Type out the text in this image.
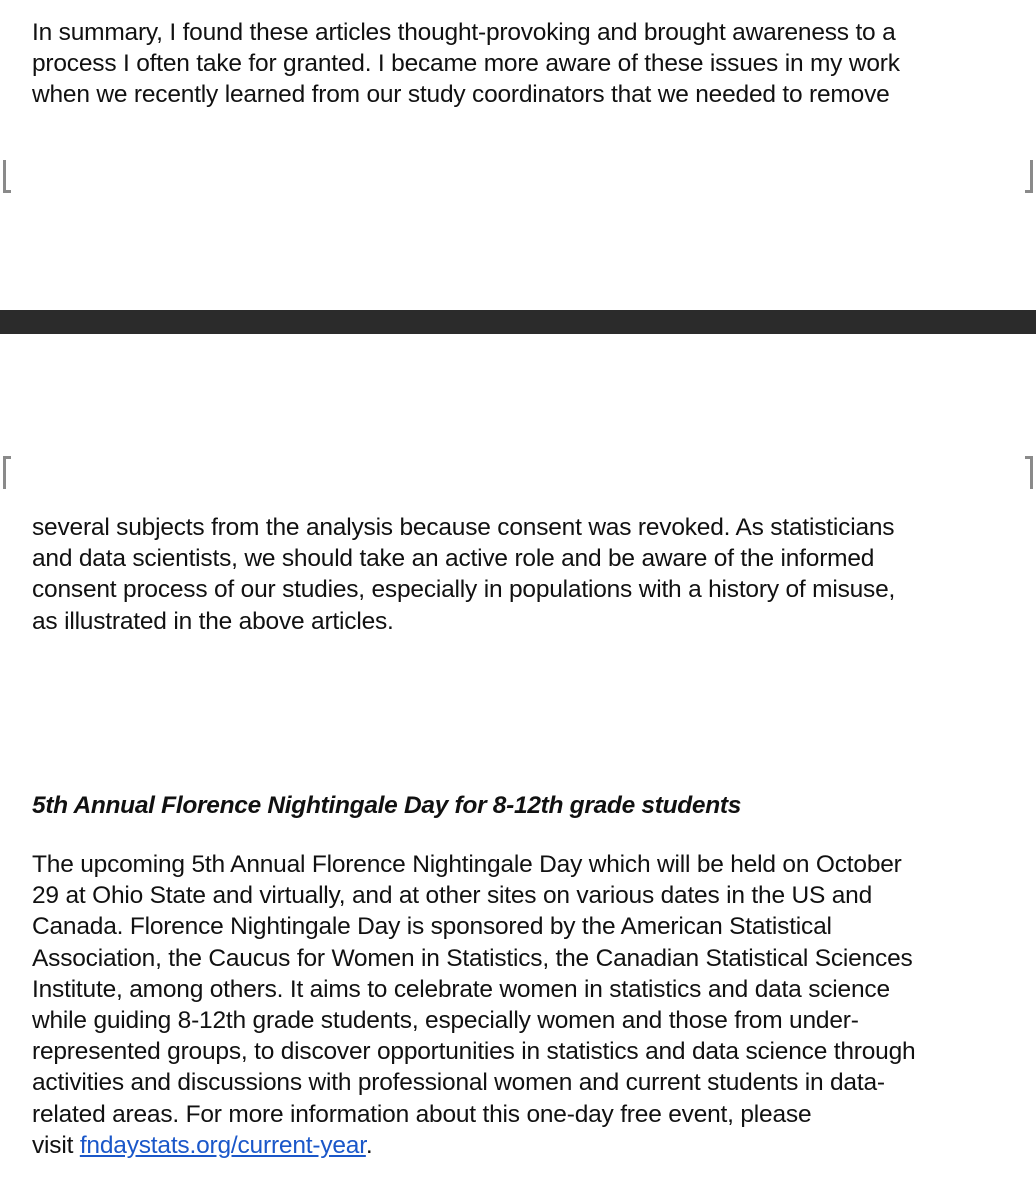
In summary, I found these articles thought-provoking and brought awareness to a
process I often take for granted. I became more aware of these issues in my work
when we recently learned from our study coordinators that we needed to remove

several subjects from the analysis because consent was revoked. As statisticians
and data scientists, we should take an active role and be aware of the informed
consent process of our studies, especially in populations with a history of misuse,
as illustrated in the above articles.

5th Annual Florence Nightingale Day for 8-12th grade students

The upcoming 5th Annual Florence Nightingale Day which will be held on October
29 at Ohio State and virtually, and at other sites on various dates in the US and
Canada. Florence Nightingale Day is sponsored by the American Statistical
Association, the Caucus for Women in Statistics, the Canadian Statistical Sciences
Institute, among others. It aims to celebrate women in statistics and data science
while guiding 8-12th grade students, especially women and those from under-
represented groups, to discover opportunities in statistics and data science through
activities and discussions with professional women and current students in data-
related areas. For more information about this one-day free event, please
visit fndaystats.org/current-year.
